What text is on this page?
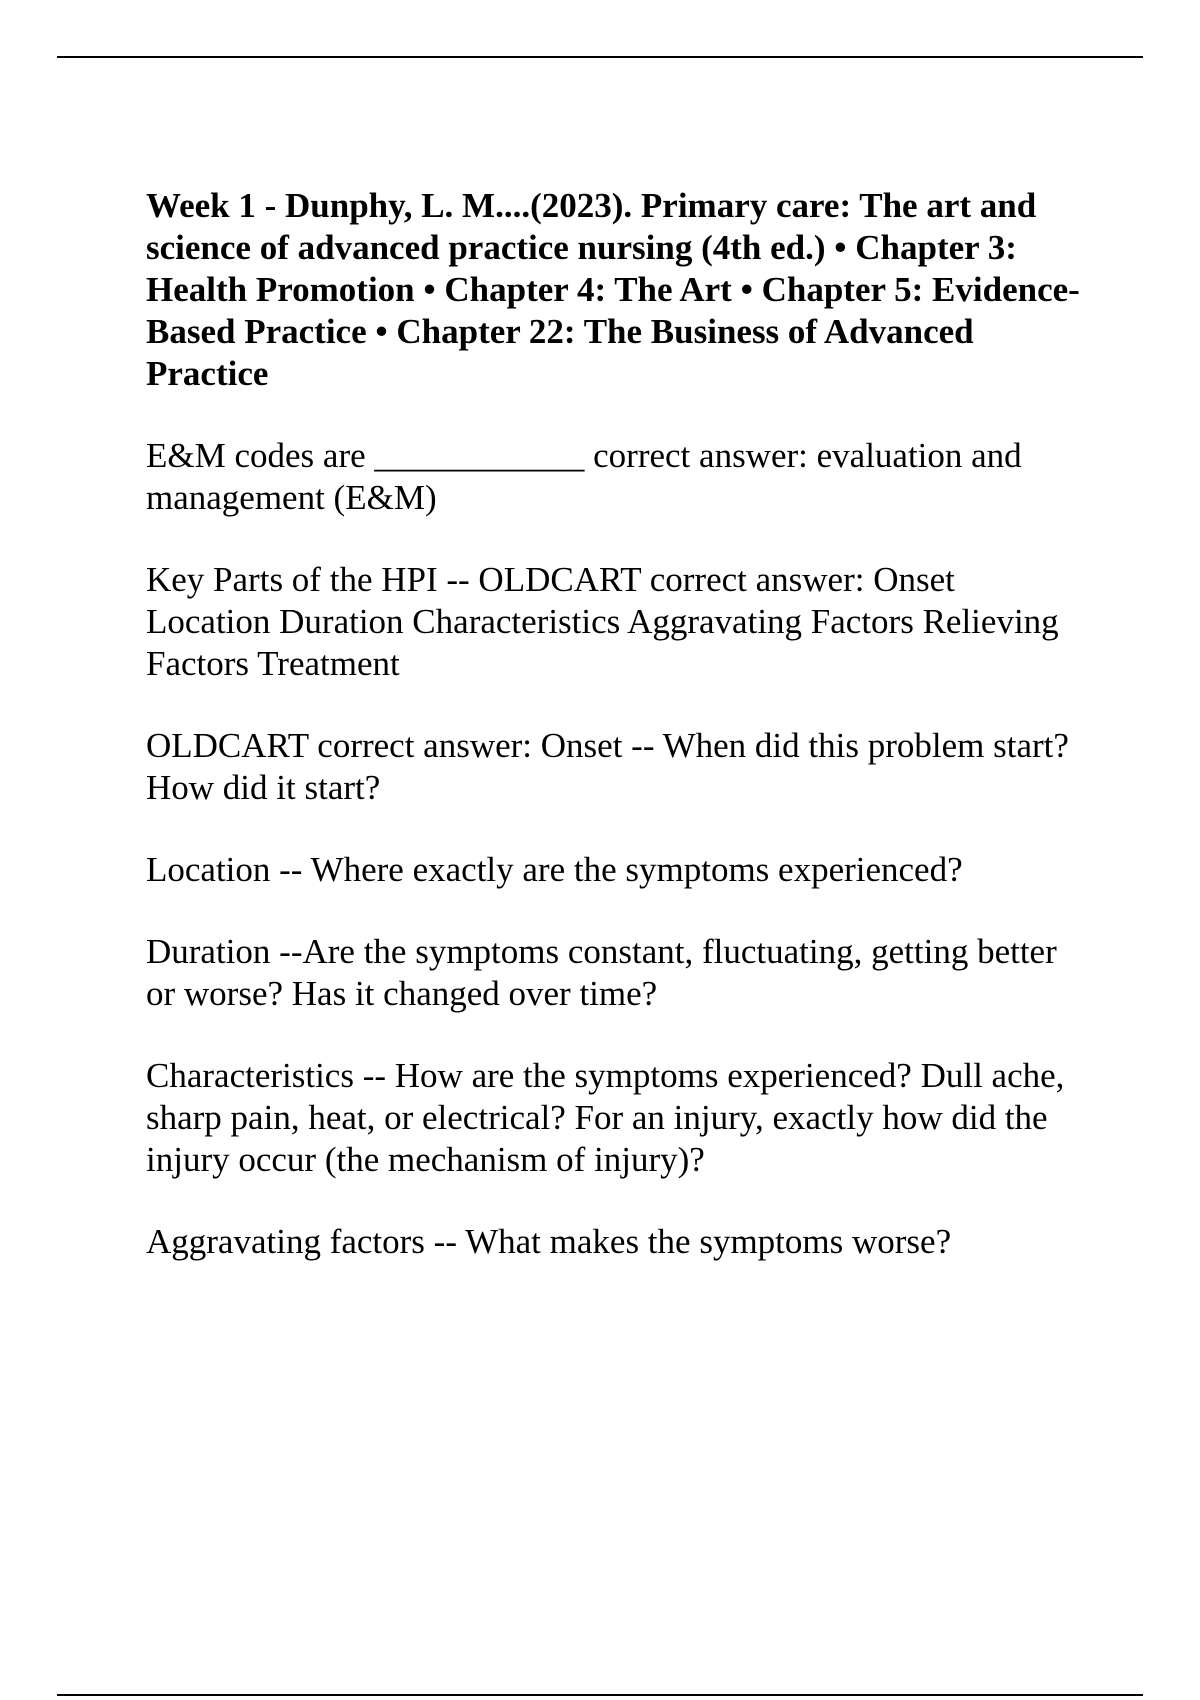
Week 1 - Dunphy, L. M....(2023). Primary care: The art and science of advanced practice nursing (4th ed.) • Chapter 3: Health Promotion • Chapter 4: The Art • Chapter 5: Evidence-Based Practice • Chapter 22: The Business of Advanced Practice
E&M codes are ____________ correct answer: evaluation and management (E&M)
Key Parts of the HPI -- OLDCART correct answer: Onset Location Duration Characteristics Aggravating Factors Relieving Factors Treatment
OLDCART correct answer: Onset -- When did this problem start?
How did it start?
Location -- Where exactly are the symptoms experienced?
Duration --Are the symptoms constant, fluctuating, getting better or worse? Has it changed over time?
Characteristics -- How are the symptoms experienced? Dull ache, sharp pain, heat, or electrical? For an injury, exactly how did the injury occur (the mechanism of injury)?
Aggravating factors -- What makes the symptoms worse?
